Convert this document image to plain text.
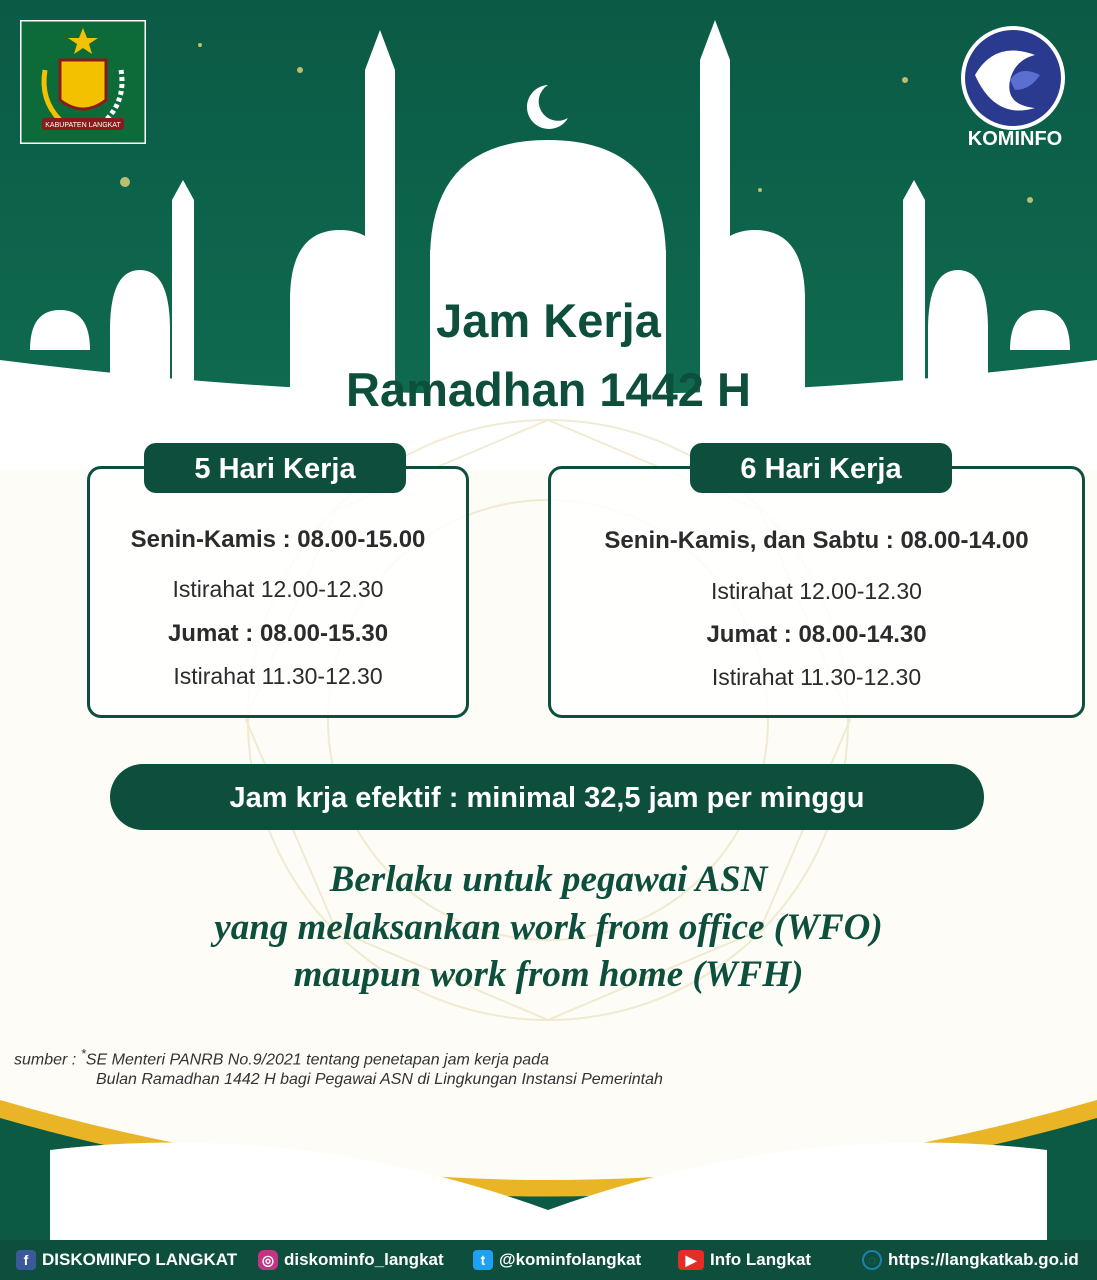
KABUPATEN LANGKAT
KOMINFO
Jam Kerja
Ramadhan 1442 H
5 Hari Kerja
Senin-Kamis : 08.00-15.00
Istirahat 12.00-12.30
Jumat : 08.00-15.30
Istirahat 11.30-12.30
6 Hari Kerja
Senin-Kamis, dan Sabtu : 08.00-14.00
Istirahat 12.00-12.30
Jumat : 08.00-14.30
Istirahat 11.30-12.30
Jam krja efektif : minimal 32,5 jam per minggu
Berlaku untuk pegawai ASN
yang melaksankan work from office (WFO)
maupun work from home (WFH)
sumber : *SE Menteri PANRB No.9/2021 tentang penetapan jam kerja pada
Bulan Ramadhan 1442 H bagi Pegawai ASN di Lingkungan Instansi Pemerintah
f DISKOMINFO LANGKAT ◎ diskominfo_langkat	t @kominfolangkat	▶ Info Langkat	◌ https://langkatkab.go.id
